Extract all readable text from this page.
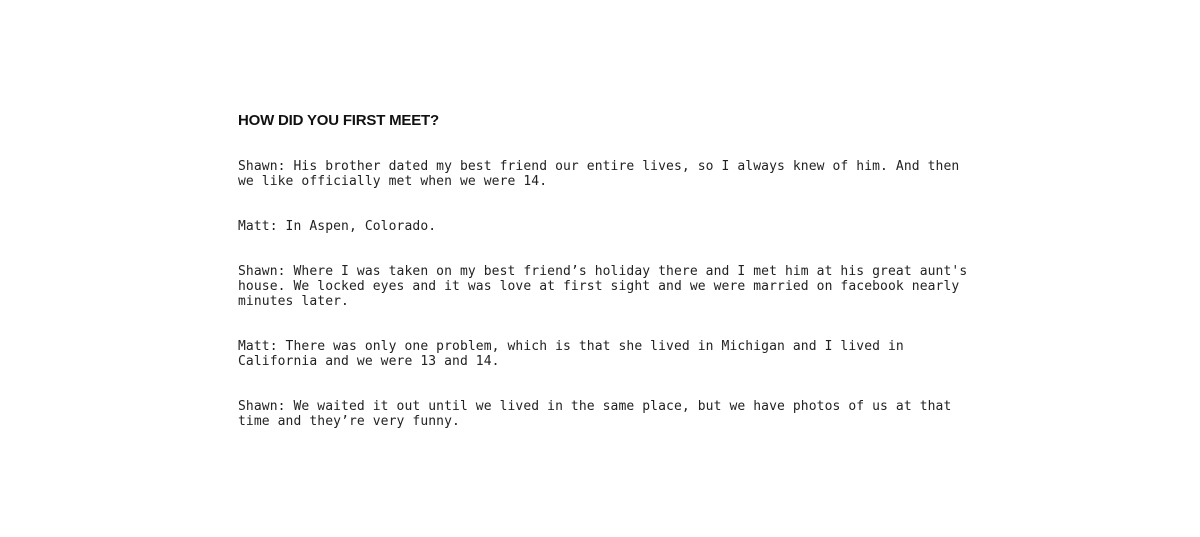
HOW DID YOU FIRST MEET?

Shawn: His brother dated my best friend our entire lives, so I always knew of him. And then we like officially met when we were 14.

Matt: In Aspen, Colorado.

Shawn: Where I was taken on my best friend’s holiday there and I met him at his great aunt's house. We locked eyes and it was love at first sight and we were married on facebook nearly minutes later.

Matt: There was only one problem, which is that she lived in Michigan and I lived in California and we were 13 and 14.

Shawn: We waited it out until we lived in the same place, but we have photos of us at that time and they’re very funny.
